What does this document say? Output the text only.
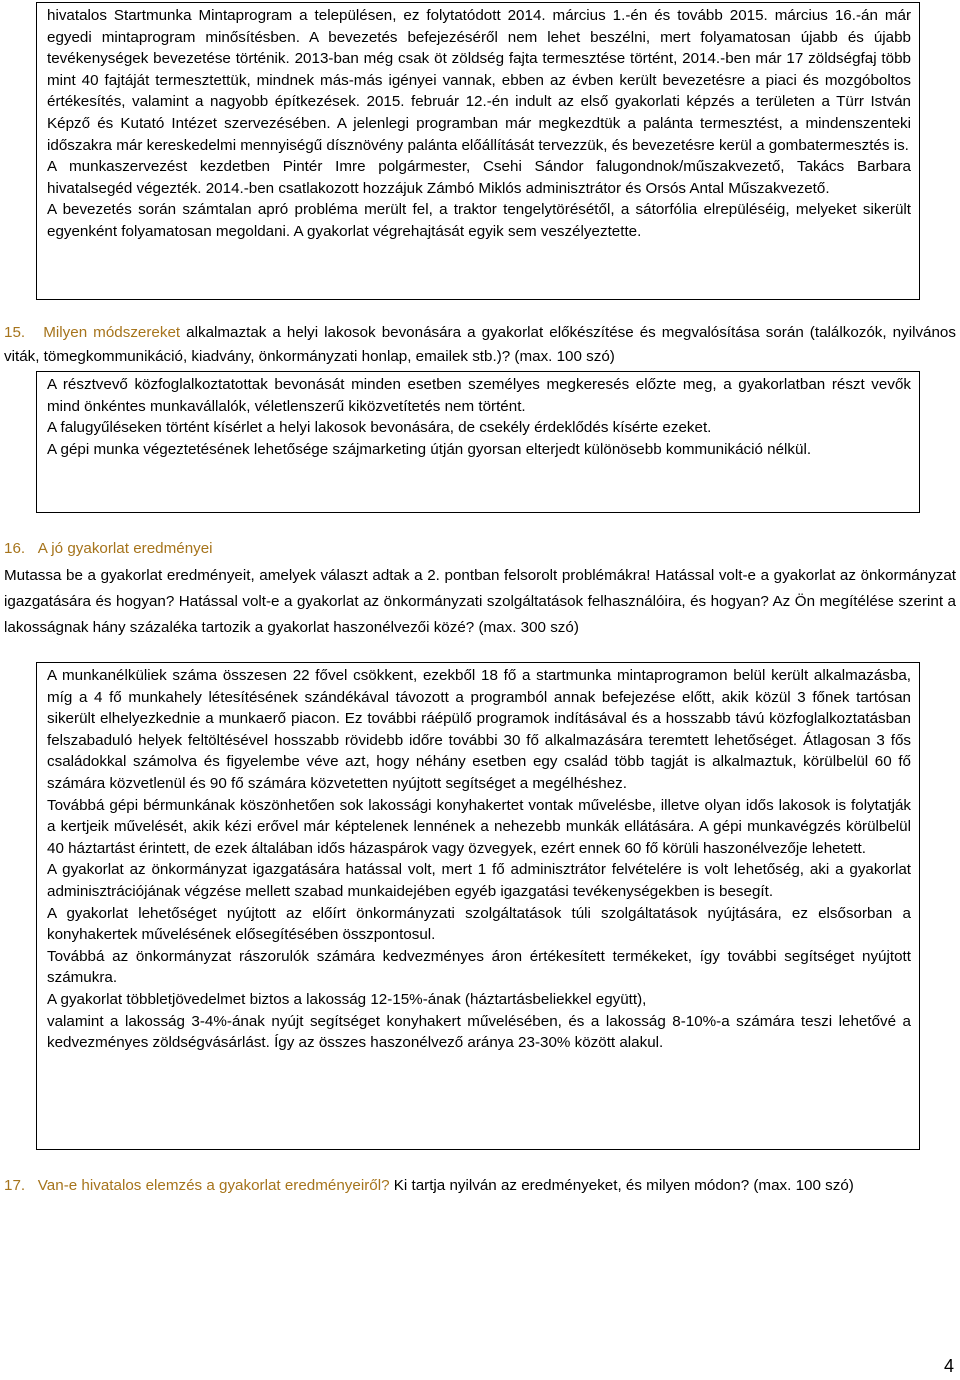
hivatalos Startmunka Mintaprogram a településen, ez folytatódott 2014. március 1.-én és tovább 2015. március 16.-án már egyedi mintaprogram minősítésben. A bevezetés befejezéséről nem lehet beszélni, mert folyamatosan újabb és újabb tevékenységek bevezetése történik. 2013-ban még csak öt zöldség fajta termesztése történt, 2014.-ben már 17 zöldségfaj több mint 40 fajtáját termesztettük, mindnek más-más igényei vannak, ebben az évben került bevezetésre a piaci és mozgóboltos értékesítés, valamint a nagyobb építkezések. 2015. február 12.-én indult az első gyakorlati képzés a területen a Türr István Képző és Kutató Intézet szervezésében. A jelenlegi programban már megkezdtük a palánta termesztést, a mindenszenteki időszakra már kereskedelmi mennyiségű dísznövény palánta előállítását tervezzük, és bevezetésre kerül a gombatermesztés is.

A munkaszervezést kezdetben Pintér Imre polgármester, Csehi Sándor falugondnok/műszakvezető, Takács Barbara hivatalsegéd végezték. 2014.-ben csatlakozott hozzájuk Zámbó Miklós adminisztrátor és Orsós Antal Műszakvezető.

A bevezetés során számtalan apró probléma merült fel, a traktor tengelytörésétől, a sátorfólia elrepüléséig, melyeket sikerült egyenként folyamatosan megoldani. A gyakorlat végrehajtását egyik sem veszélyeztette.

15. Milyen módszereket alkalmaztak a helyi lakosok bevonására a gyakorlat előkészítése és megvalósítása során (találkozók, nyilvános viták, tömegkommunikáció, kiadvány, önkormányzati honlap, emailek stb.)? (max. 100 szó)

A résztvevő közfoglalkoztatottak bevonását minden esetben személyes megkeresés előzte meg, a gyakorlatban részt vevők mind önkéntes munkavállalók, véletlenszerű kiközvetítetés nem történt.

A falugyűléseken történt kísérlet a helyi lakosok bevonására, de csekély érdeklődés kísérte ezeket.

A gépi munka végeztetésének lehetősége szájmarketing útján gyorsan elterjedt különösebb kommunikáció nélkül.

16. A jó gyakorlat eredményei

Mutassa be a gyakorlat eredményeit, amelyek választ adtak a 2. pontban felsorolt problémákra! Hatással volt-e a gyakorlat az önkormányzat igazgatására és hogyan? Hatással volt-e a gyakorlat az önkormányzati szolgáltatások felhasználóira, és hogyan? Az Ön megítélése szerint a lakosságnak hány százaléka tartozik a gyakorlat haszonélvezői közé? (max. 300 szó)

A munkanélküliek száma összesen 22 fővel csökkent, ezekből 18 fő a startmunka mintaprogramon belül került alkalmazásba, míg a 4 fő munkahely létesítésének szándékával távozott a programból annak befejezése előtt, akik közül 3 főnek tartósan sikerült elhelyezkednie a munkaerő piacon. Ez további ráépülő programok indításával és a hosszabb távú közfoglalkoztatásban felszabaduló helyek feltöltésével hosszabb rövidebb időre további 30 fő alkalmazására teremtett lehetőséget. Átlagosan 3 fős családokkal számolva és figyelembe véve azt, hogy néhány esetben egy család több tagját is alkalmaztuk, körülbelül 60 fő számára közvetlenül és 90 fő számára közvetetten nyújtott segítséget a megélhéshez.

Továbbá gépi bérmunkának köszönhetően sok lakossági konyhakertet vontak művelésbe, illetve olyan idős lakosok is folytatják a kertjeik művelését, akik kézi erővel már képtelenek lennének a nehezebb munkák ellátására. A gépi munkavégzés körülbelül 40 háztartást érintett, de ezek általában idős házaspárok vagy özvegyek, ezért ennek 60 fő körüli haszonélvezője lehetett.

A gyakorlat az önkormányzat igazgatására hatással volt, mert 1 fő adminisztrátor felvételére is volt lehetőség, aki a gyakorlat adminisztrációjának végzése mellett szabad munkaidejében egyéb igazgatási tevékenységekben is besegít.

A gyakorlat lehetőséget nyújtott az előírt önkormányzati szolgáltatások túli szolgáltatások nyújtására, ez elsősorban a konyhakertek művelésének elősegítésében összpontosul.

Továbbá az önkormányzat rászorulók számára kedvezményes áron értékesített termékeket, így további segítséget nyújtott számukra.

A gyakorlat többletjövedelmet biztos a lakosság 12-15%-ának (háztartásbeliekkel együtt),

valamint a lakosság 3-4%-ának nyújt segítséget konyhakert művelésében, és a lakosság 8-10%-a számára teszi lehetővé a kedvezményes zöldségvásárlást. Így az összes haszonélvező aránya 23-30% között alakul.

17. Van-e hivatalos elemzés a gyakorlat eredményeiről? Ki tartja nyilván az eredményeket, és milyen módon? (max. 100 szó)

4
